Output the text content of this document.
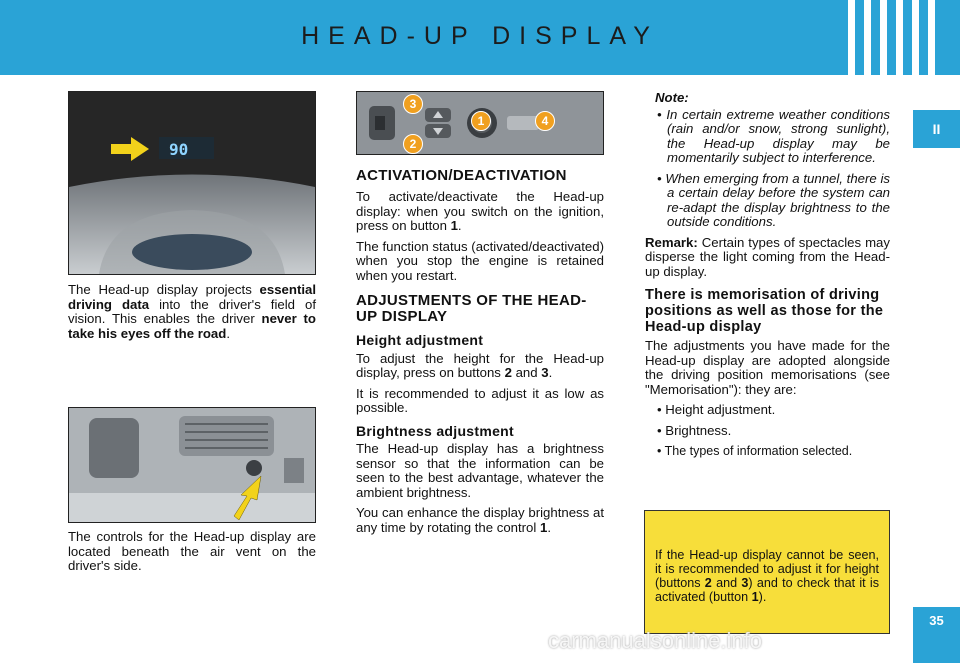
HEAD-UP DISPLAY
II
35
90

The Head-up display projects essential driving data into the driver's field of vision. This enables the driver never to take his eyes off the road.

The controls for the Head-up display are located beneath the air vent on the driver's side.

3
2
1	4
ACTIVATION/DEACTIVATION

To activate/deactivate the Head-up display: when you switch on the ignition, press on button 1.

The function status (activated/deactivated) when you stop the engine is retained when you restart.

ADJUSTMENTS OF THE HEAD-UP DISPLAY
Height adjustment

To adjust the height for the Head-up display, press on buttons 2 and 3.

It is recommended to adjust it as low as possible.

Brightness adjustment

The Head-up display has a brightness sensor so that the information can be seen to the best advantage, whatever the ambient brightness.

You can enhance the display brightness at any time by rotating the control 1.

Note:

• In certain extreme weather conditions (rain and/or snow, strong sunlight), the Head-up display may be momentarily subject to interference.

• When emerging from a tunnel, there is a certain delay before the system can re-adapt the display brightness to the outside conditions.

Remark: Certain types of spectacles may disperse the light coming from the Head-up display.

There is memorisation of driving positions as well as those for the Head-up display

The adjustments you have made for the Head-up display are adopted alongside the driving position memorisations (see "Memorisation"): they are:

• Height adjustment.

• Brightness.

• The types of information selected.

If the Head-up display cannot be seen, it is recommended to adjust it for height (buttons 2 and 3) and to check that it is activated (button 1).

carmanualsonline.info
